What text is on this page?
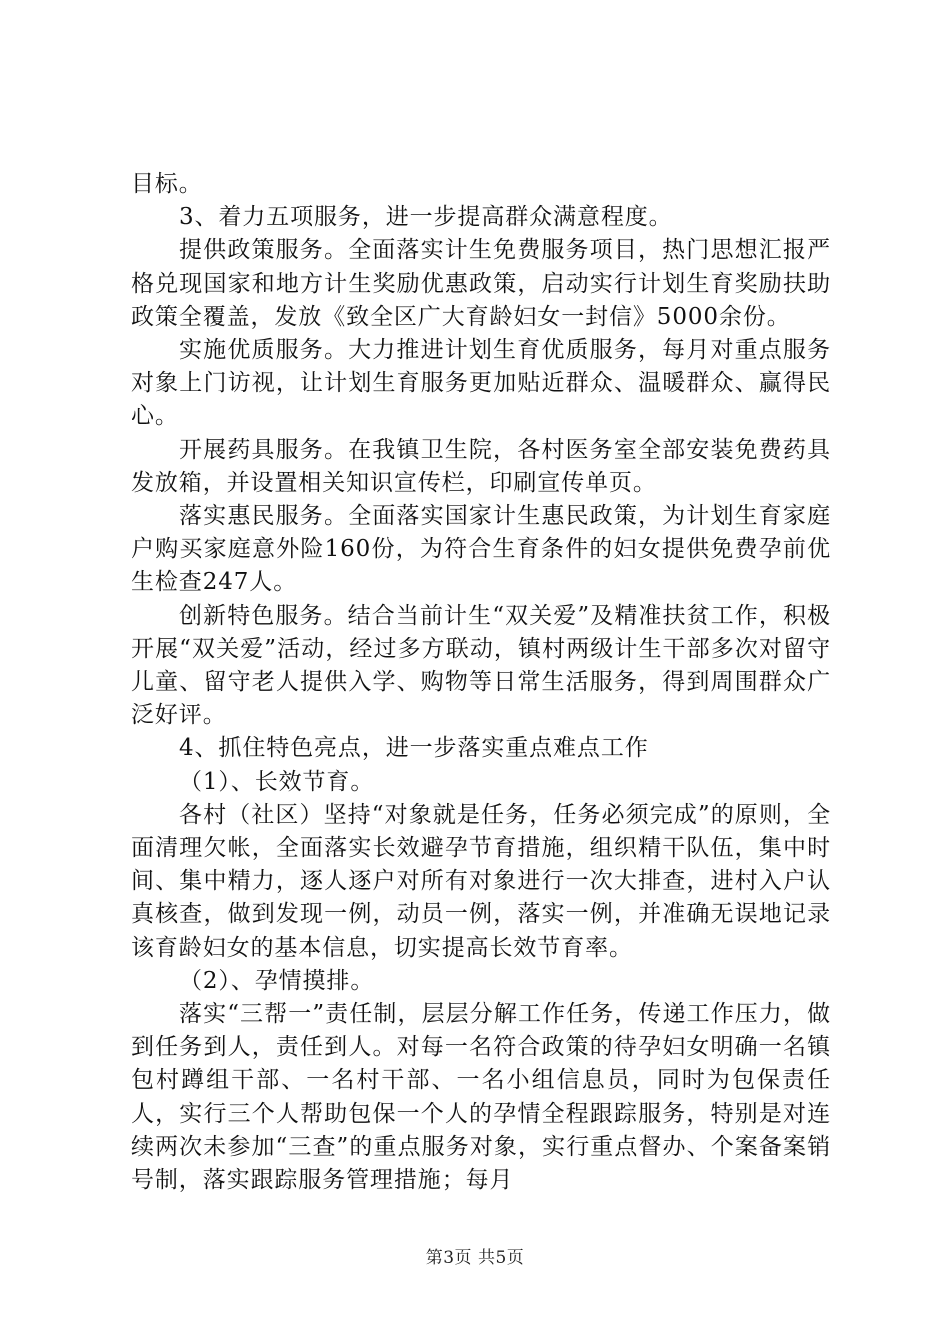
目标。

3、着力五项服务，进一步提高群众满意程度。

提供政策服务。全面落实计生免费服务项目，热门思想汇报严格兑现国家和地方计生奖励优惠政策，启动实行计划生育奖励扶助政策全覆盖，发放《致全区广大育龄妇女一封信》5000余份。

实施优质服务。大力推进计划生育优质服务，每月对重点服务对象上门访视，让计划生育服务更加贴近群众、温暖群众、赢得民心。

开展药具服务。在我镇卫生院，各村医务室全部安装免费药具发放箱，并设置相关知识宣传栏，印刷宣传单页。

落实惠民服务。全面落实国家计生惠民政策，为计划生育家庭户购买家庭意外险160份，为符合生育条件的妇女提供免费孕前优生检查247人。

创新特色服务。结合当前计生“双关爱”及精准扶贫工作，积极开展“双关爱”活动，经过多方联动，镇村两级计生干部多次对留守儿童、留守老人提供入学、购物等日常生活服务，得到周围群众广泛好评。

4、抓住特色亮点，进一步落实重点难点工作

（1）、长效节育。

各村（社区）坚持“对象就是任务，任务必须完成”的原则，全面清理欠帐，全面落实长效避孕节育措施，组织精干队伍，集中时间、集中精力，逐人逐户对所有对象进行一次大排查，进村入户认真核查，做到发现一例，动员一例，落实一例，并准确无误地记录该育龄妇女的基本信息，切实提高长效节育率。

（2）、孕情摸排。

落实“三帮一”责任制，层层分解工作任务，传递工作压力，做到任务到人，责任到人。对每一名符合政策的待孕妇女明确一名镇包村蹲组干部、一名村干部、一名小组信息员，同时为包保责任人，实行三个人帮助包保一个人的孕情全程跟踪服务，特别是对连续两次未参加“三查”的重点服务对象，实行重点督办、个案备案销号制，落实跟踪服务管理措施；每月

第3页 共5页
